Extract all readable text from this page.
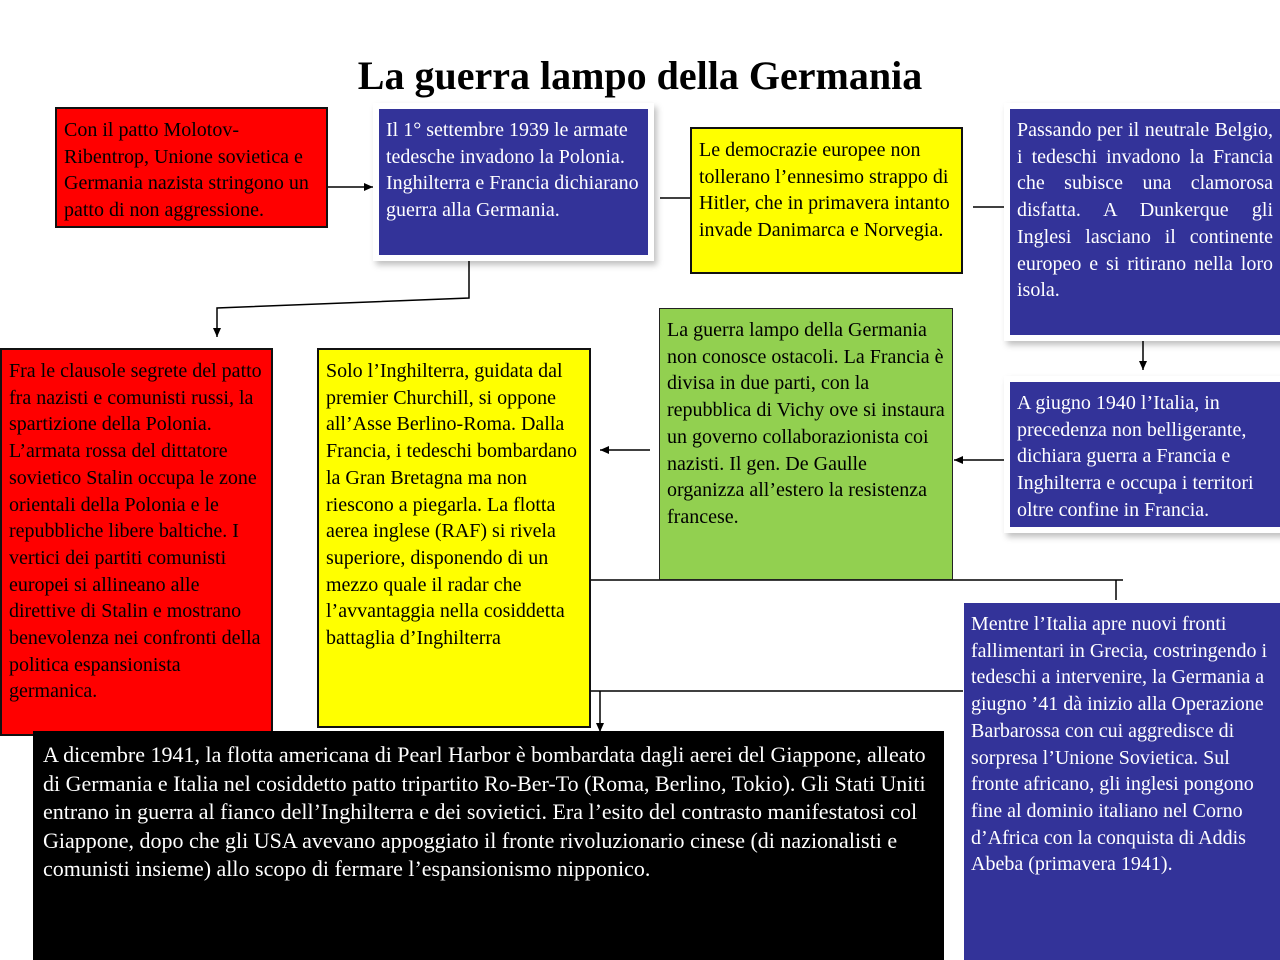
La guerra lampo della Germania
Con il patto Molotov-Ribentrop, Unione sovietica e Germania nazista stringono un patto di non aggressione.
Il 1° settembre 1939 le armate tedesche invadono la Polonia. Inghilterra e Francia dichiarano guerra alla Germania.
Le democrazie europee non tollerano l’ennesimo strappo di Hitler, che in primavera intanto invade Danimarca e Norvegia.
Passando per il neutrale Belgio, i tedeschi invadono la Francia che subisce una clamorosa disfatta. A Dunkerque gli Inglesi lasciano il continente europeo e si ritirano nella loro isola.
Fra le clausole segrete del patto fra nazisti e comunisti russi, la spartizione della Polonia. L’armata rossa del dittatore sovietico Stalin occupa le zone orientali della Polonia e le repubbliche libere baltiche. I vertici dei partiti comunisti europei si allineano alle direttive di Stalin e mostrano benevolenza nei confronti della politica espansionista germanica.
Solo l’Inghilterra, guidata dal premier Churchill, si oppone all’Asse Berlino-Roma. Dalla Francia, i tedeschi bombardano la Gran Bretagna ma non riescono a piegarla. La flotta aerea inglese (RAF) si rivela superiore, disponendo di un mezzo quale il radar che l’avvantaggia nella cosiddetta battaglia d’Inghilterra
La guerra lampo della Germania non conosce ostacoli. La Francia è divisa in due parti, con la repubblica di Vichy ove si instaura un governo collaborazionista coi nazisti. Il gen. De Gaulle organizza all’estero la resistenza francese.
A giugno 1940 l’Italia, in precedenza non belligerante, dichiara guerra a Francia e Inghilterra e occupa i territori oltre confine in Francia.
Mentre l’Italia apre nuovi fronti fallimentari in Grecia, costringendo i tedeschi a intervenire, la Germania a giugno ’41 dà inizio alla Operazione Barbarossa con cui aggredisce di sorpresa l’Unione Sovietica. Sul fronte africano, gli inglesi pongono fine al dominio italiano nel Corno d’Africa con la conquista di Addis Abeba (primavera 1941).
A dicembre 1941, la flotta americana di Pearl Harbor è bombardata dagli aerei del Giappone, alleato di Germania e Italia nel cosiddetto patto tripartito Ro-Ber-To (Roma, Berlino, Tokio). Gli Stati Uniti entrano in guerra al fianco dell’Inghilterra e dei sovietici. Era l’esito del contrasto manifestatosi col Giappone, dopo che gli USA avevano appoggiato il fronte rivoluzionario cinese (di nazionalisti e comunisti insieme) allo scopo di fermare l’espansionismo nipponico.
